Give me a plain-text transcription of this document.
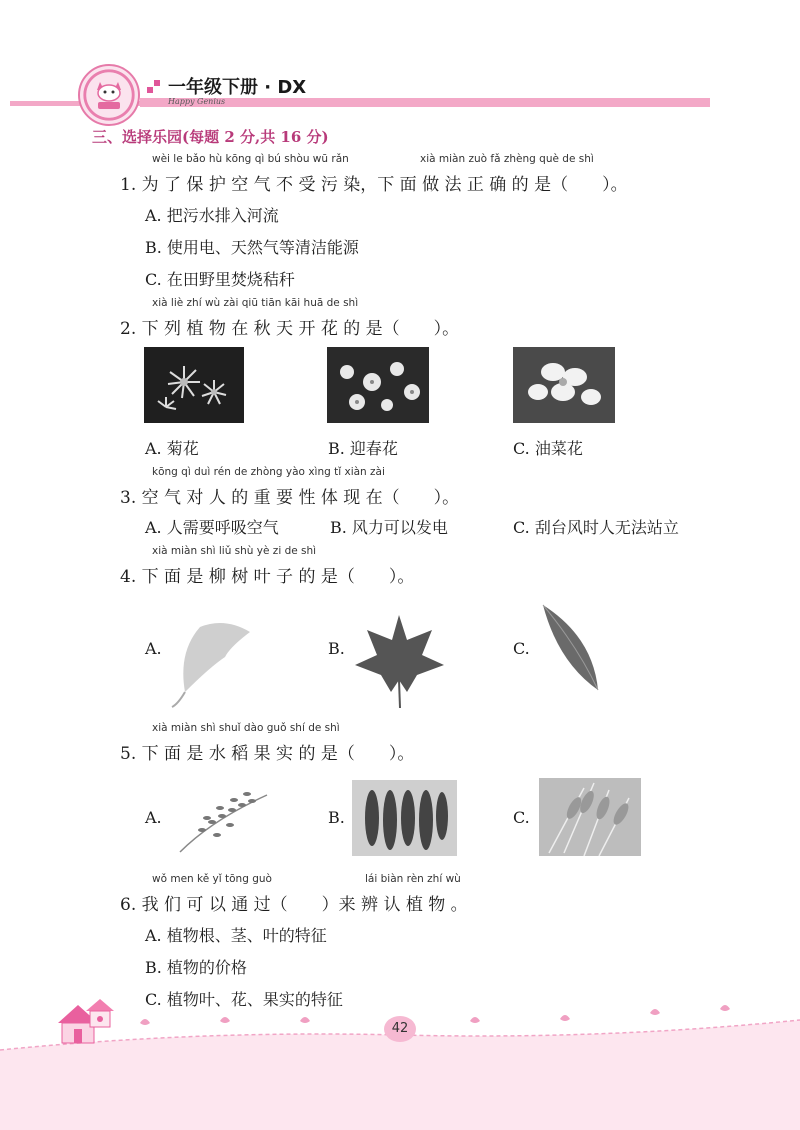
一年级下册 · DX
Happy Genius
三、选择乐园(每题 2 分,共 16 分)
wèi le bǎo hù kōng qì bú shòu wū rǎn	xià miàn zuò fǎ zhèng què de shì
1. 为 了 保 护 空 气 不 受 污 染，下 面 做 法 正 确 的 是（　　）。
A. 把污水排入河流
B. 使用电、天然气等清洁能源
C. 在田野里焚烧秸秆
xià liè zhí wù zài qiū tiān kāi huā de shì
2. 下 列 植 物 在 秋 天 开 花 的 是（　　）。
A. 菊花	B. 迎春花	C. 油菜花
kōng qì duì rén de zhòng yào xìng tǐ xiàn zài
3. 空 气 对 人 的 重 要 性 体 现 在（　　）。
A. 人需要呼吸空气	B. 风力可以发电	C. 刮台风时人无法站立
xià miàn shì liǔ shù yè zi de shì
4. 下 面 是 柳 树 叶 子 的 是（　　）。
A.	B.	C.
xià miàn shì shuǐ dào guǒ shí de shì
5. 下 面 是 水 稻 果 实 的 是（　　）。
A.	B.	C.
wǒ men kě yǐ tōng guò	lái biàn rèn zhí wù
6. 我 们 可 以 通 过（　　）来 辨 认 植 物 。
A. 植物根、茎、叶的特征
B. 植物的价格
C. 植物叶、花、果实的特征
42
